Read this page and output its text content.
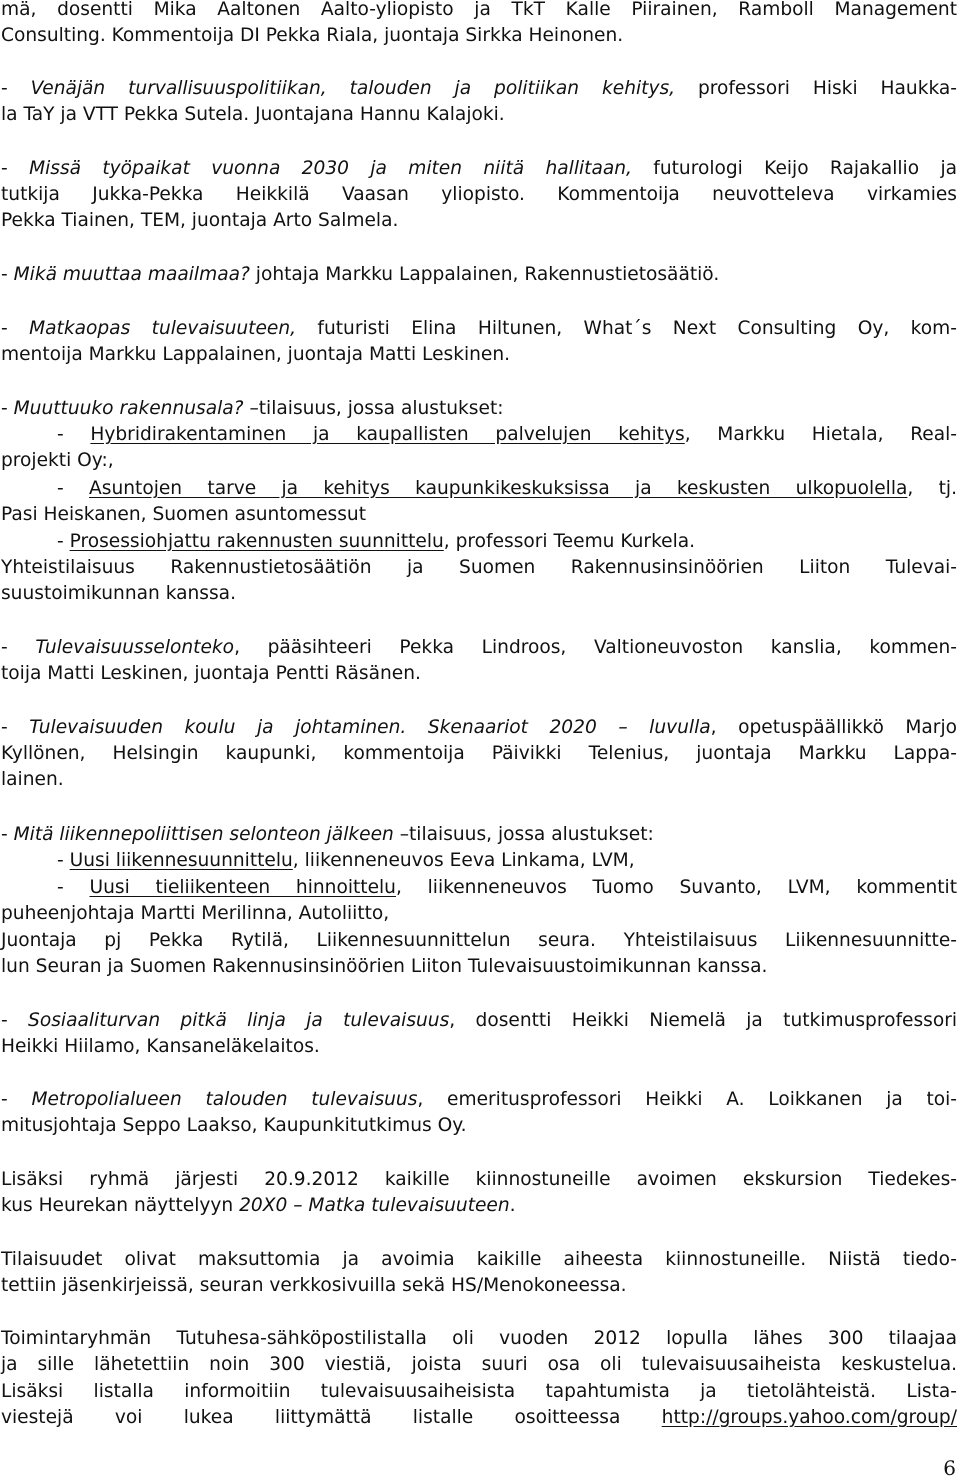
mä, dosentti Mika Aaltonen Aalto-yliopisto ja TkT Kalle Piirainen, Ramboll Management
Consulting. Kommentoija DI Pekka Riala, juontaja Sirkka Heinonen.
- Venäjän turvallisuuspolitiikan, talouden ja politiikan kehitys, professori Hiski Haukka-
la TaY ja VTT Pekka Sutela. Juontajana Hannu Kalajoki.
- Missä työpaikat vuonna 2030 ja miten niitä hallitaan, futurologi Keijo Rajakallio ja
tutkija Jukka-Pekka Heikkilä Vaasan yliopisto. Kommentoija neuvotteleva virkamies
Pekka Tiainen, TEM, juontaja Arto Salmela.
- Mikä muuttaa maailmaa? johtaja Markku Lappalainen, Rakennustietosäätiö.
- Matkaopas tulevaisuuteen, futuristi Elina Hiltunen, What´s Next Consulting Oy, kom-
mentoija Markku Lappalainen, juontaja Matti Leskinen.
- Muuttuuko rakennusala? –tilaisuus, jossa alustukset:
- Hybridirakentaminen ja kaupallisten palvelujen kehitys, Markku Hietala, Real-
projekti Oy:,
- Asuntojen tarve ja kehitys kaupunkikeskuksissa ja keskusten ulkopuolella, tj.
Pasi Heiskanen, Suomen asuntomessut
- Prosessiohjattu rakennusten suunnittelu, professori Teemu Kurkela.
Yhteistilaisuus Rakennustietosäätiön ja Suomen Rakennusinsinöörien Liiton Tulevai-
suustoimikunnan kanssa.
- Tulevaisuusselonteko, pääsihteeri Pekka Lindroos, Valtioneuvoston kanslia, kommen-
toija Matti Leskinen, juontaja Pentti Räsänen.
- Tulevaisuuden koulu ja johtaminen. Skenaariot 2020 – luvulla, opetuspäällikkö Marjo
Kyllönen, Helsingin kaupunki, kommentoija Päivikki Telenius, juontaja Markku Lappa-
lainen.
- Mitä liikennepoliittisen selonteon jälkeen –tilaisuus, jossa alustukset:
- Uusi liikennesuunnittelu, liikenneneuvos Eeva Linkama, LVM,
- Uusi tieliikenteen hinnoittelu, liikenneneuvos Tuomo Suvanto, LVM, kommentit
puheenjohtaja Martti Merilinna, Autoliitto,
Juontaja pj Pekka Rytilä, Liikennesuunnittelun seura. Yhteistilaisuus Liikennesuunnitte-
lun Seuran ja Suomen Rakennusinsinöörien Liiton Tulevaisuustoimikunnan kanssa.
- Sosiaaliturvan pitkä linja ja tulevaisuus, dosentti Heikki Niemelä ja tutkimusprofessori
Heikki Hiilamo, Kansaneläkelaitos.
- Metropolialueen talouden tulevaisuus, emeritusprofessori Heikki A. Loikkanen ja toi-
mitusjohtaja Seppo Laakso, Kaupunkitutkimus Oy.
Lisäksi ryhmä järjesti 20.9.2012 kaikille kiinnostuneille avoimen ekskursion Tiedekes-
kus Heurekan näyttelyyn 20X0 – Matka tulevaisuuteen.
Tilaisuudet olivat maksuttomia ja avoimia kaikille aiheesta kiinnostuneille. Niistä tiedo-
tettiin jäsenkirjeissä, seuran verkkosivuilla sekä HS/Menokoneessa.
Toimintaryhmän Tutuhesa-sähköpostilistalla oli vuoden 2012 lopulla lähes 300 tilaajaa
ja sille lähetettiin noin 300 viestiä, joista suuri osa oli tulevaisuusaiheista keskustelua.
Lisäksi listalla informoitiin tulevaisuusaiheisista tapahtumista ja tietolähteistä. Lista-
viestejä voi lukea liittymättä listalle osoitteessa http://groups.yahoo.com/group/
6
